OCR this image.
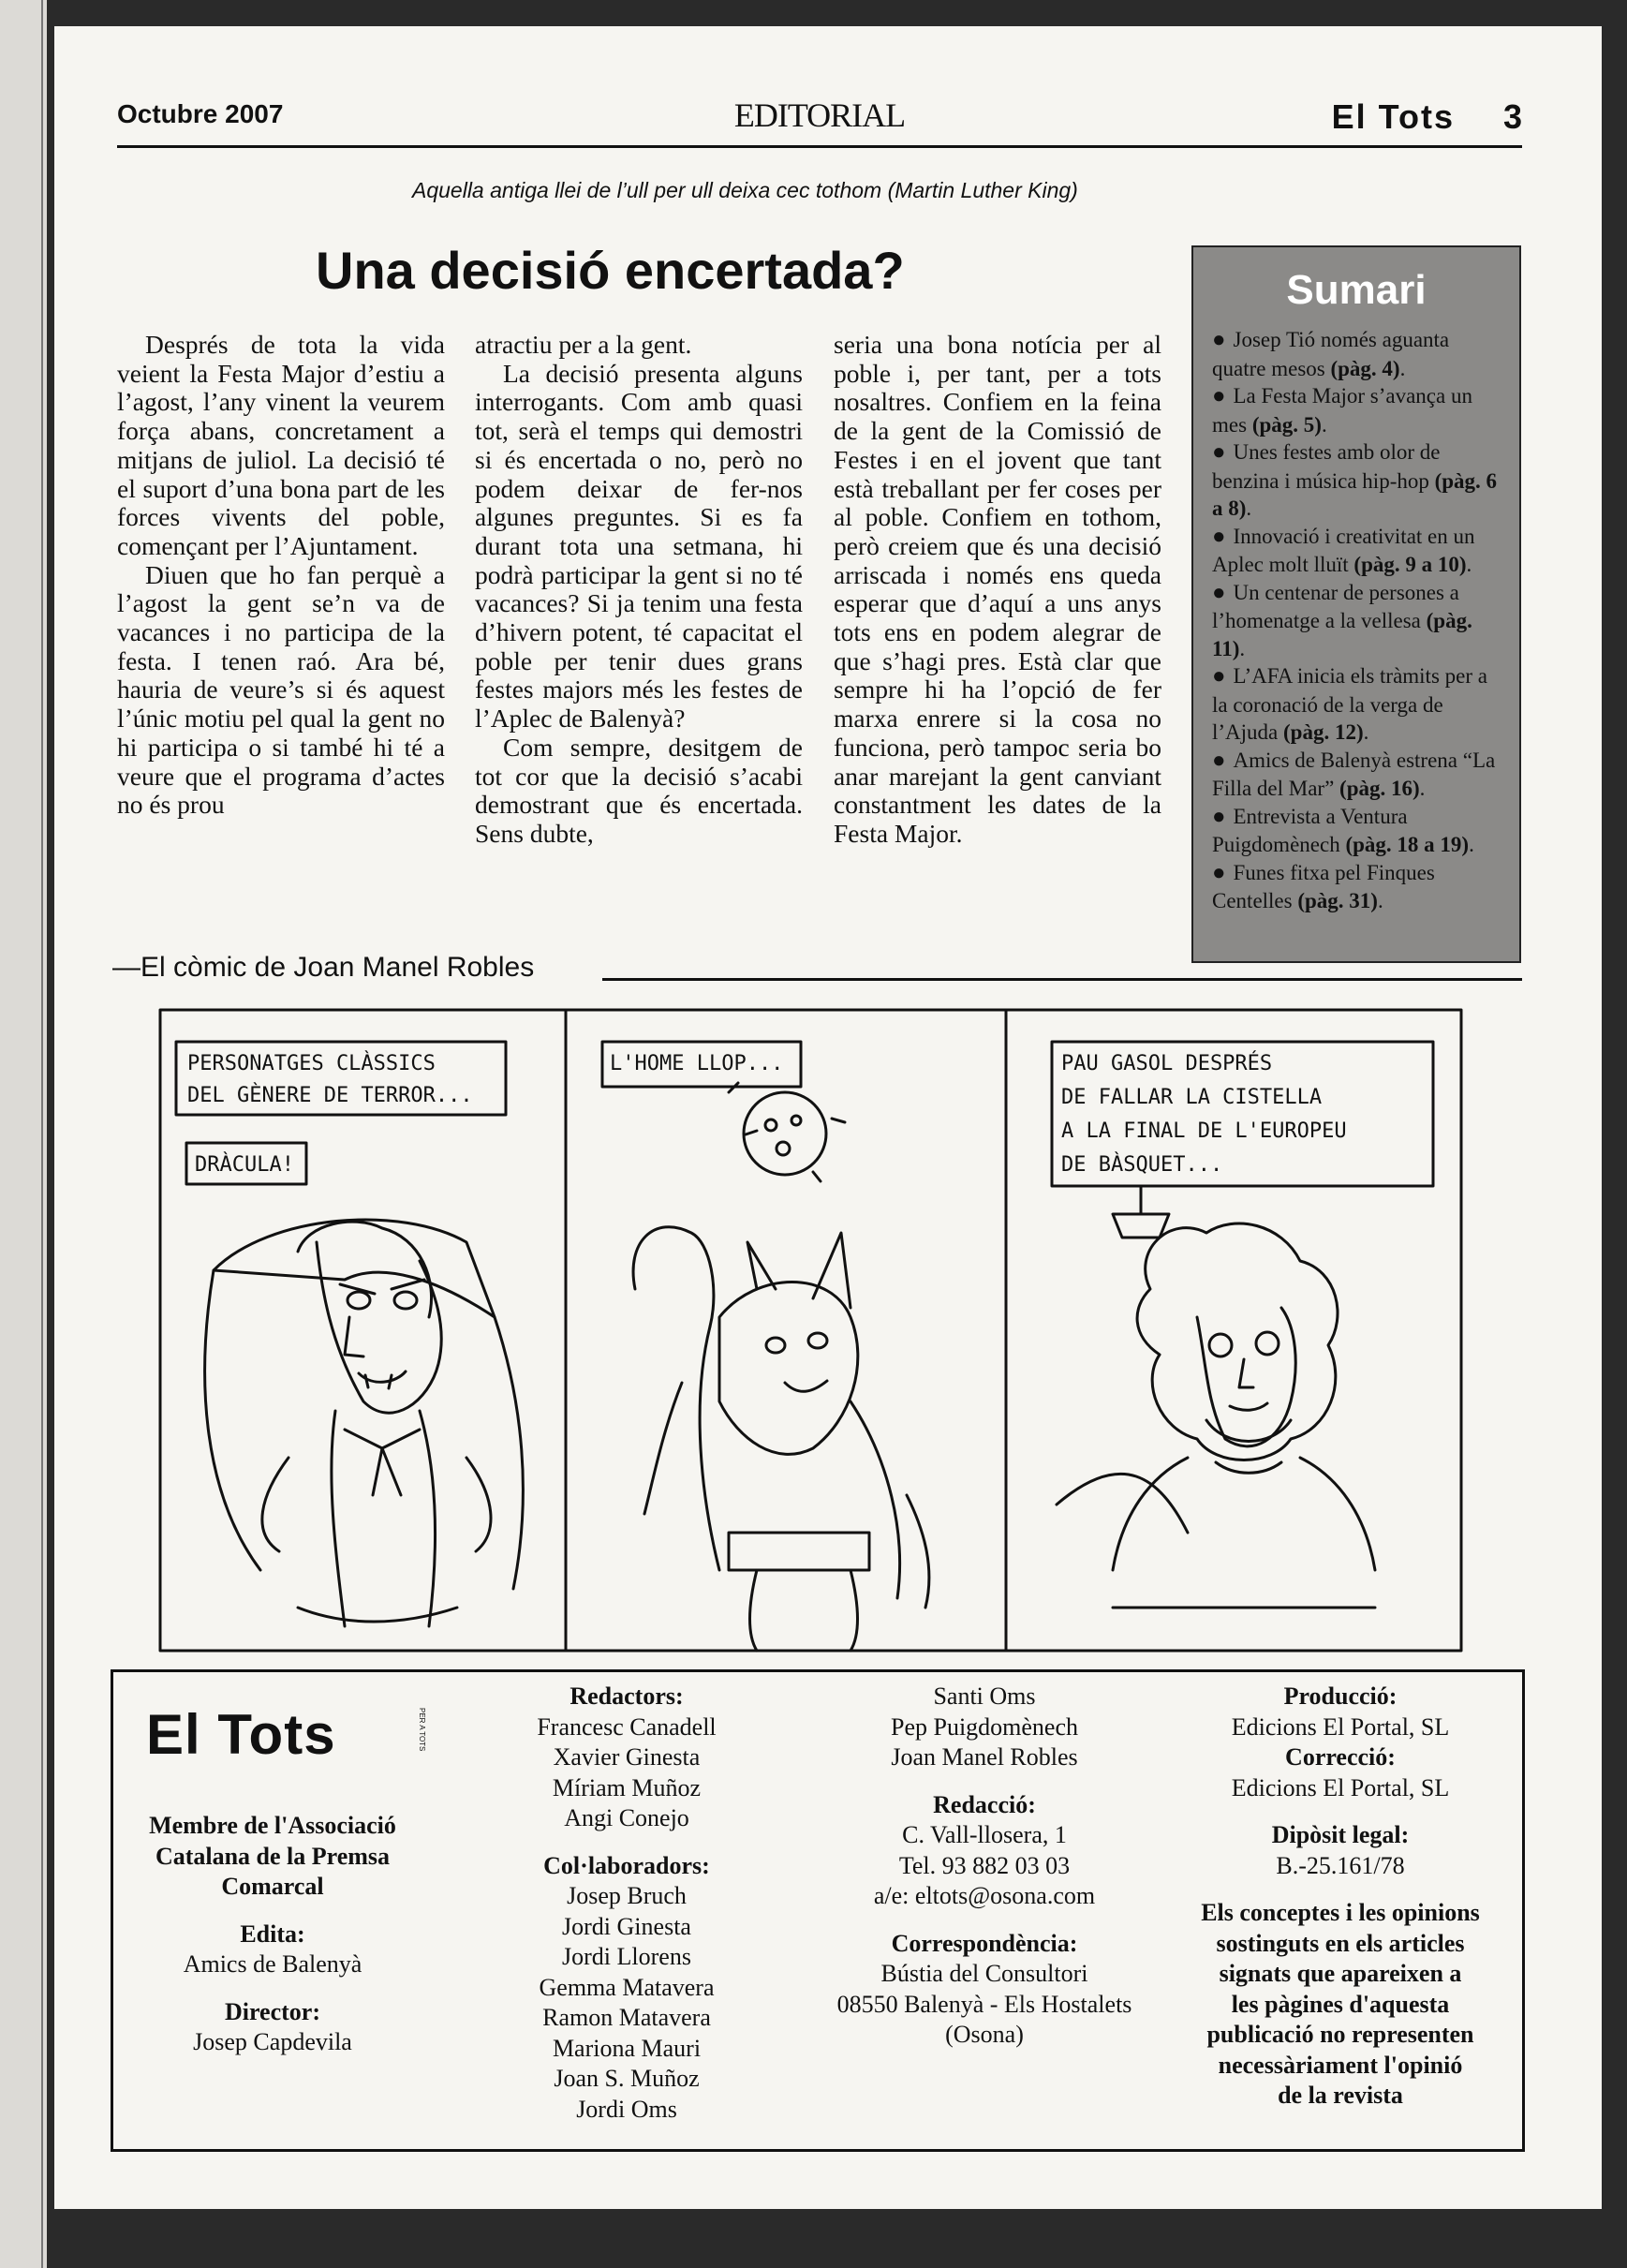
Octubre 2007	EDITORIAL	El Tots 3
Aquella antiga llei de l’ull per ull deixa cec tothom (Martin Luther King)
Una decisió encertada?

Després de tota la vida veient la Festa Major d’estiu a l’agost, l’any vinent la veurem força abans, concretament a mitjans de juliol. La decisió té el suport d’una bona part de les forces vivents del poble, començant per l’Ajuntament.

Diuen que ho fan perquè a l’agost la gent se’n va de vacances i no participa de la festa. I tenen raó. Ara bé, hauria de veure’s si és aquest l’únic motiu pel qual la gent no hi participa o si també hi té a veure que el programa d’actes no és prou

atractiu per a la gent.

La decisió presenta alguns interrogants. Com amb quasi tot, serà el temps qui demostri si és encertada o no, però no podem deixar de fer-nos algunes preguntes. Si es fa durant tota una setmana, hi podrà participar la gent si no té vacances? Si ja tenim una festa d’hivern potent, té capacitat el poble per tenir dues grans festes majors més les festes de l’Aplec de Balenyà?

Com sempre, desitgem de tot cor que la decisió s’acabi demostrant que és encertada. Sens dubte,

seria una bona notícia per al poble i, per tant, per a tots nosaltres. Confiem en la feina de la gent de la Comissió de Festes i en el jovent que tant està treballant per fer coses per al poble. Confiem en tothom, però creiem que és una decisió arriscada i només ens queda esperar que d’aquí a uns anys tots ens en podem alegrar de que s’hagi pres. Està clar que sempre hi ha l’opció de fer marxa enrere si la cosa no funciona, però tampoc seria bo anar marejant la gent canviant constantment les dates de la Festa Major.

Sumari
● Josep Tió només aguanta quatre mesos (pàg. 4).
● La Festa Major s’avança un mes (pàg. 5).
● Unes festes amb olor de benzina i música hip-hop (pàg. 6 a 8).
● Innovació i creativitat en un Aplec molt lluït (pàg. 9 a 10).
● Un centenar de persones a l’homenatge a la vellesa (pàg. 11).
● L’AFA inicia els tràmits per a la coronació de la verga de l’Ajuda (pàg. 12).
● Amics de Balenyà estrena “La Filla del Mar” (pàg. 16).
● Entrevista a Ventura Puigdomènech (pàg. 18 a 19).
● Funes fitxa pel Finques Centelles (pàg. 31).
—El còmic de Joan Manel Robles
PERSONATGES CLÀSSICS
DEL GÈNERE DE TERROR...
DRÀCULA!
L'HOME LLOP...	PAU GASOL DESPRÉS
DE FALLAR LA CISTELLA
A LA FINAL DE L'EUROPEU
DE BÀSQUET...
El Tots	PER A TOTS
Membre de l'Associació
Catalana de la Premsa
Comarcal
Edita:
Amics de Balenyà
Director:
Josep Capdevila
Redactors:
Francesc Canadell
Xavier Ginesta
Míriam Muñoz
Angi Conejo
Col·laboradors:
Josep Bruch
Jordi Ginesta
Jordi Llorens
Gemma Matavera
Ramon Matavera
Mariona Mauri
Joan S. Muñoz
Jordi Oms
Santi Oms
Pep Puigdomènech
Joan Manel Robles
Redacció:
C. Vall-llosera, 1
Tel. 93 882 03 03
a/e: eltots@osona.com
Correspondència:
Bústia del Consultori
08550 Balenyà - Els Hostalets
(Osona)
Producció:
Edicions El Portal, SL
Correcció:
Edicions El Portal, SL
Dipòsit legal:
B.-25.161/78
Els conceptes i les opinions
sostinguts en els articles
signats que apareixen a
les pàgines d'aquesta
publicació no representen
necessàriament l'opinió
de la revista
